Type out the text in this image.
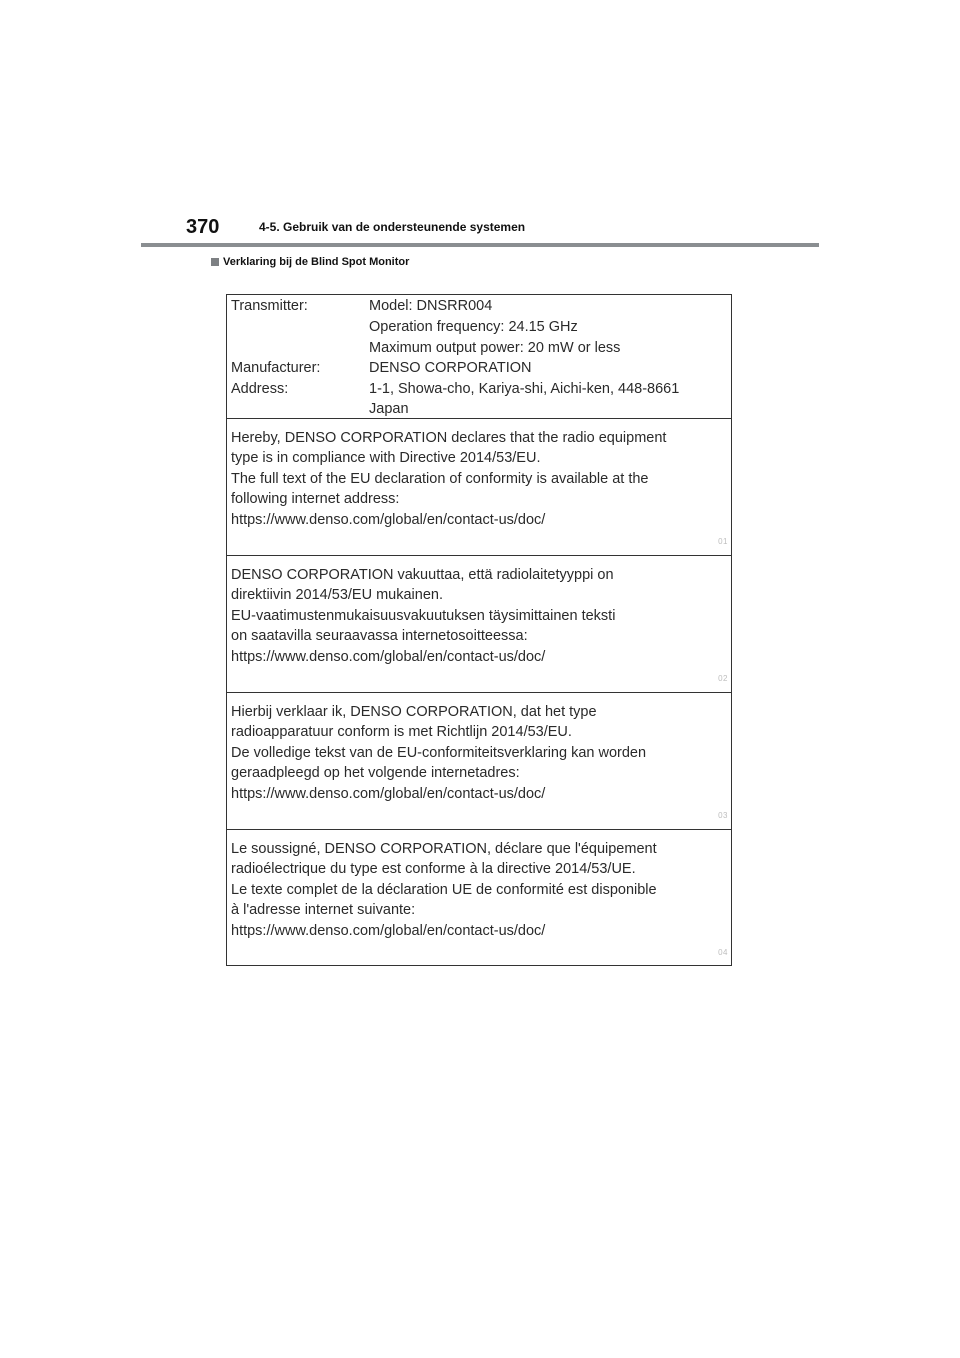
370	4-5. Gebruik van de ondersteunende systemen
Verklaring bij de Blind Spot Monitor
Transmitter:	Model: DNSRR004
Operation frequency: 24.15 GHz
Maximum output power: 20 mW or less
Manufacturer:	DENSO CORPORATION
Address:	1-1, Showa-cho, Kariya-shi, Aichi-ken, 448-8661
Japan
Hereby, DENSO CORPORATION declares that the radio equipment
type is in compliance with Directive 2014/53/EU.
The full text of the EU declaration of conformity is available at the
following internet address:
https://www.denso.com/global/en/contact-us/doc/
01
DENSO CORPORATION vakuuttaa, että radiolaitetyyppi on
direktiivin 2014/53/EU mukainen.
EU-vaatimustenmukaisuusvakuutuksen täysimittainen teksti
on saatavilla seuraavassa internetosoitteessa:
https://www.denso.com/global/en/contact-us/doc/
02
Hierbij verklaar ik, DENSO CORPORATION, dat het type
radioapparatuur conform is met Richtlijn 2014/53/EU.
De volledige tekst van de EU-conformiteitsverklaring kan worden
geraadpleegd op het volgende internetadres:
https://www.denso.com/global/en/contact-us/doc/
03
Le soussigné, DENSO CORPORATION, déclare que l'équipement
radioélectrique du type est conforme à la directive 2014/53/UE.
Le texte complet de la déclaration UE de conformité est disponible
à l'adresse internet suivante:
https://www.denso.com/global/en/contact-us/doc/
04
